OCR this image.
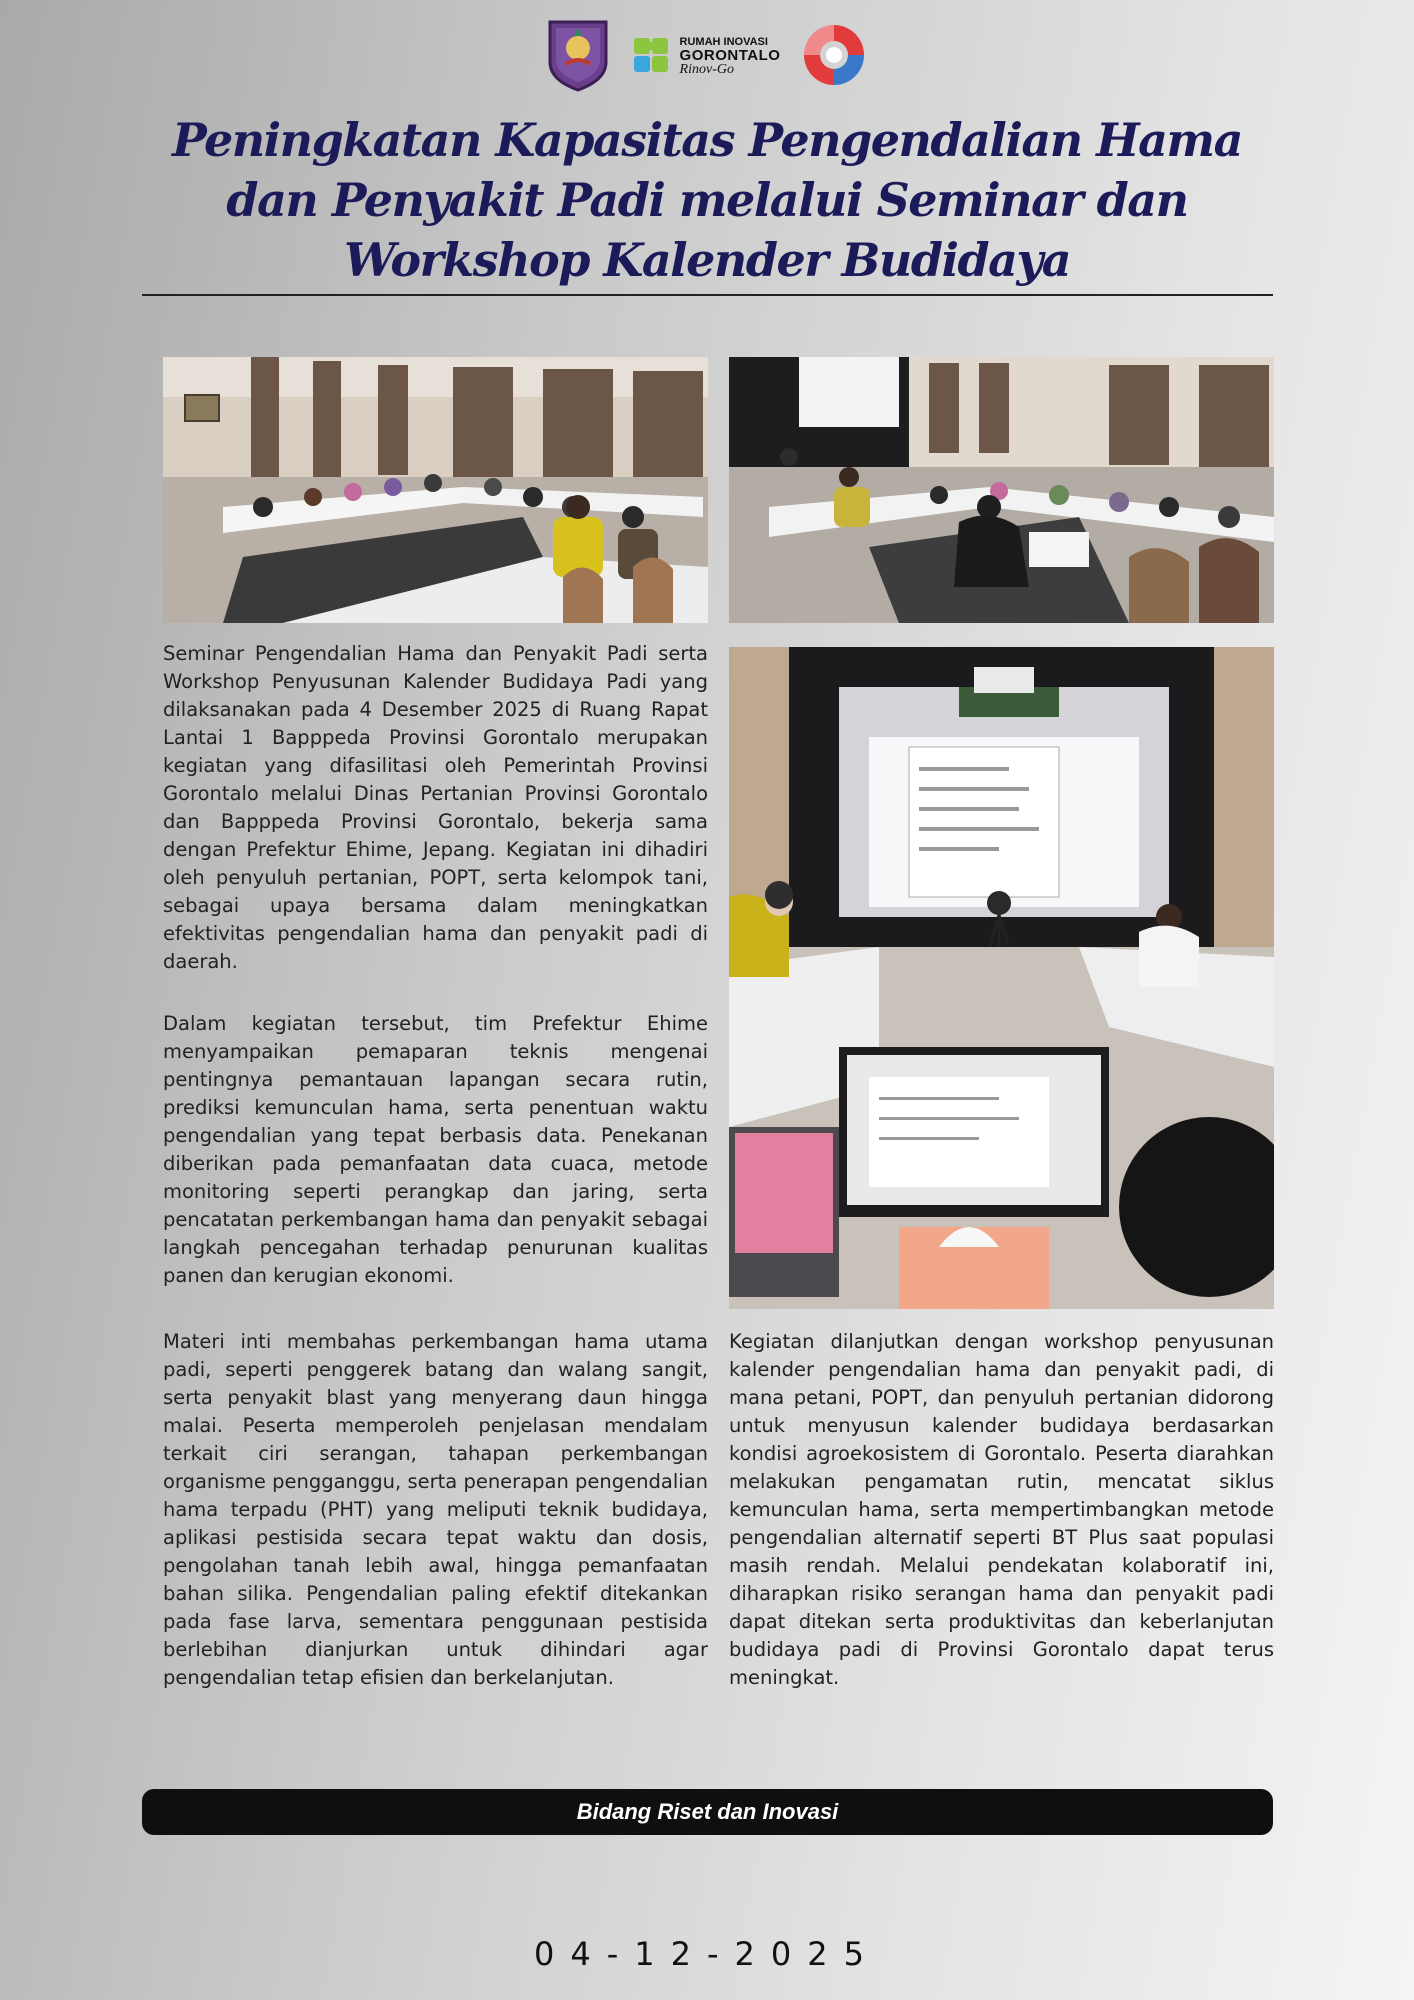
RUMAH INOVASI
GORONTALO
Rinov-Go
Peningkatan Kapasitas Pengendalian Hama dan Penyakit Padi melalui Seminar dan Workshop Kalender Budidaya

Seminar Pengendalian Hama dan Penyakit Padi serta Workshop Penyusunan Kalender Budidaya Padi yang dilaksanakan pada 4 Desember 2025 di Ruang Rapat Lantai 1 Bapppeda Provinsi Gorontalo merupakan kegiatan yang difasilitasi oleh Pemerintah Provinsi Gorontalo melalui Dinas Pertanian Provinsi Gorontalo dan Bapppeda Provinsi Gorontalo, bekerja sama dengan Prefektur Ehime, Jepang. Kegiatan ini dihadiri oleh penyuluh pertanian, POPT, serta kelompok tani, sebagai upaya bersama dalam meningkatkan efektivitas pengendalian hama dan penyakit padi di daerah.

Dalam kegiatan tersebut, tim Prefektur Ehime menyampaikan pemaparan teknis mengenai pentingnya pemantauan lapangan secara rutin, prediksi kemunculan hama, serta penentuan waktu pengendalian yang tepat berbasis data. Penekanan diberikan pada pemanfaatan data cuaca, metode monitoring seperti perangkap dan jaring, serta pencatatan perkembangan hama dan penyakit sebagai langkah pencegahan terhadap penurunan kualitas panen dan kerugian ekonomi.

Materi inti membahas perkembangan hama utama padi, seperti penggerek batang dan walang sangit, serta penyakit blast yang menyerang daun hingga malai. Peserta memperoleh penjelasan mendalam terkait ciri serangan, tahapan perkembangan organisme pengganggu, serta penerapan pengendalian hama terpadu (PHT) yang meliputi teknik budidaya, aplikasi pestisida secara tepat waktu dan dosis, pengolahan tanah lebih awal, hingga pemanfaatan bahan silika. Pengendalian paling efektif ditekankan pada fase larva, sementara penggunaan pestisida berlebihan dianjurkan untuk dihindari agar pengendalian tetap efisien dan berkelanjutan.

Kegiatan dilanjutkan dengan workshop penyusunan kalender pengendalian hama dan penyakit padi, di mana petani, POPT, dan penyuluh pertanian didorong untuk menyusun kalender budidaya berdasarkan kondisi agroekosistem di Gorontalo. Peserta diarahkan melakukan pengamatan rutin, mencatat siklus kemunculan hama, serta mempertimbangkan metode pengendalian alternatif seperti BT Plus saat populasi masih rendah. Melalui pendekatan kolaboratif ini, diharapkan risiko serangan hama dan penyakit padi dapat ditekan serta produktivitas dan keberlanjutan budidaya padi di Provinsi Gorontalo dapat terus meningkat.

Bidang Riset dan Inovasi
04-12-2025
